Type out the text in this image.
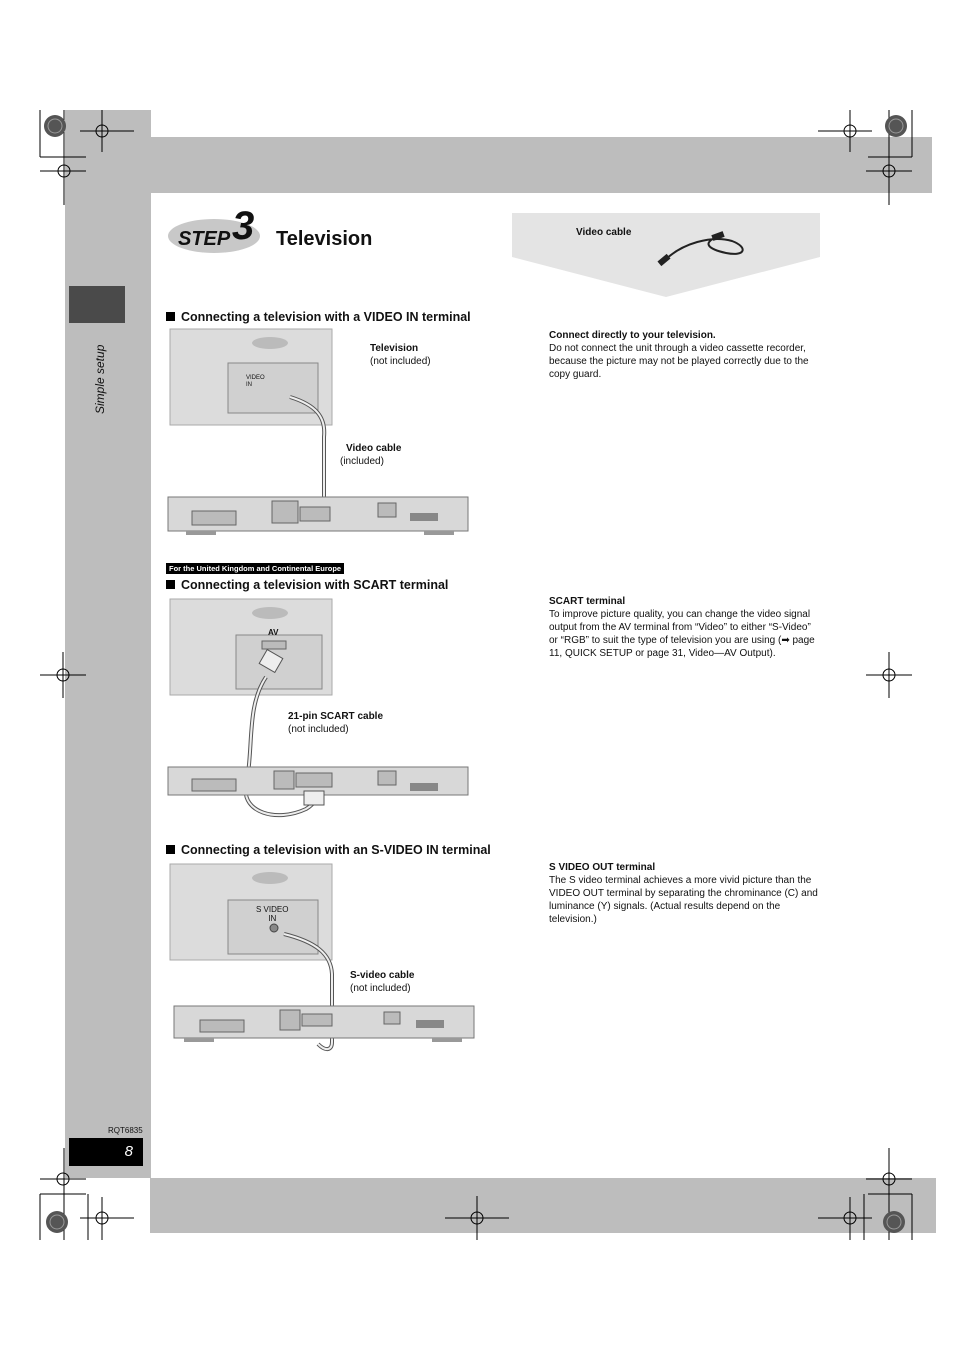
Simple setup
RQT6835
8
STEP 3 Television	Video cable
Connecting a television with a VIDEO IN terminal
VIDEO IN
Television
(not included)
Video cable
(included)
Connect directly to your television.
Do not connect the unit through a video cassette recorder, because the picture may not be played correctly due to the copy guard.
For the United Kingdom and Continental Europe
Connecting a television with SCART terminal
AV
21-pin SCART cable
(not included)
SCART terminal
To improve picture quality, you can change the video signal output from the AV terminal from “Video” to either “S-Video” or “RGB” to suit the type of television you are using (➡ page 11, QUICK SETUP or page 31, Video—AV Output).
Connecting a television with an S-VIDEO IN terminal
S VIDEO
IN
S-video cable
(not included)
S VIDEO OUT terminal
The S video terminal achieves a more vivid picture than the VIDEO OUT terminal by separating the chrominance (C) and luminance (Y) signals. (Actual results depend on the television.)
